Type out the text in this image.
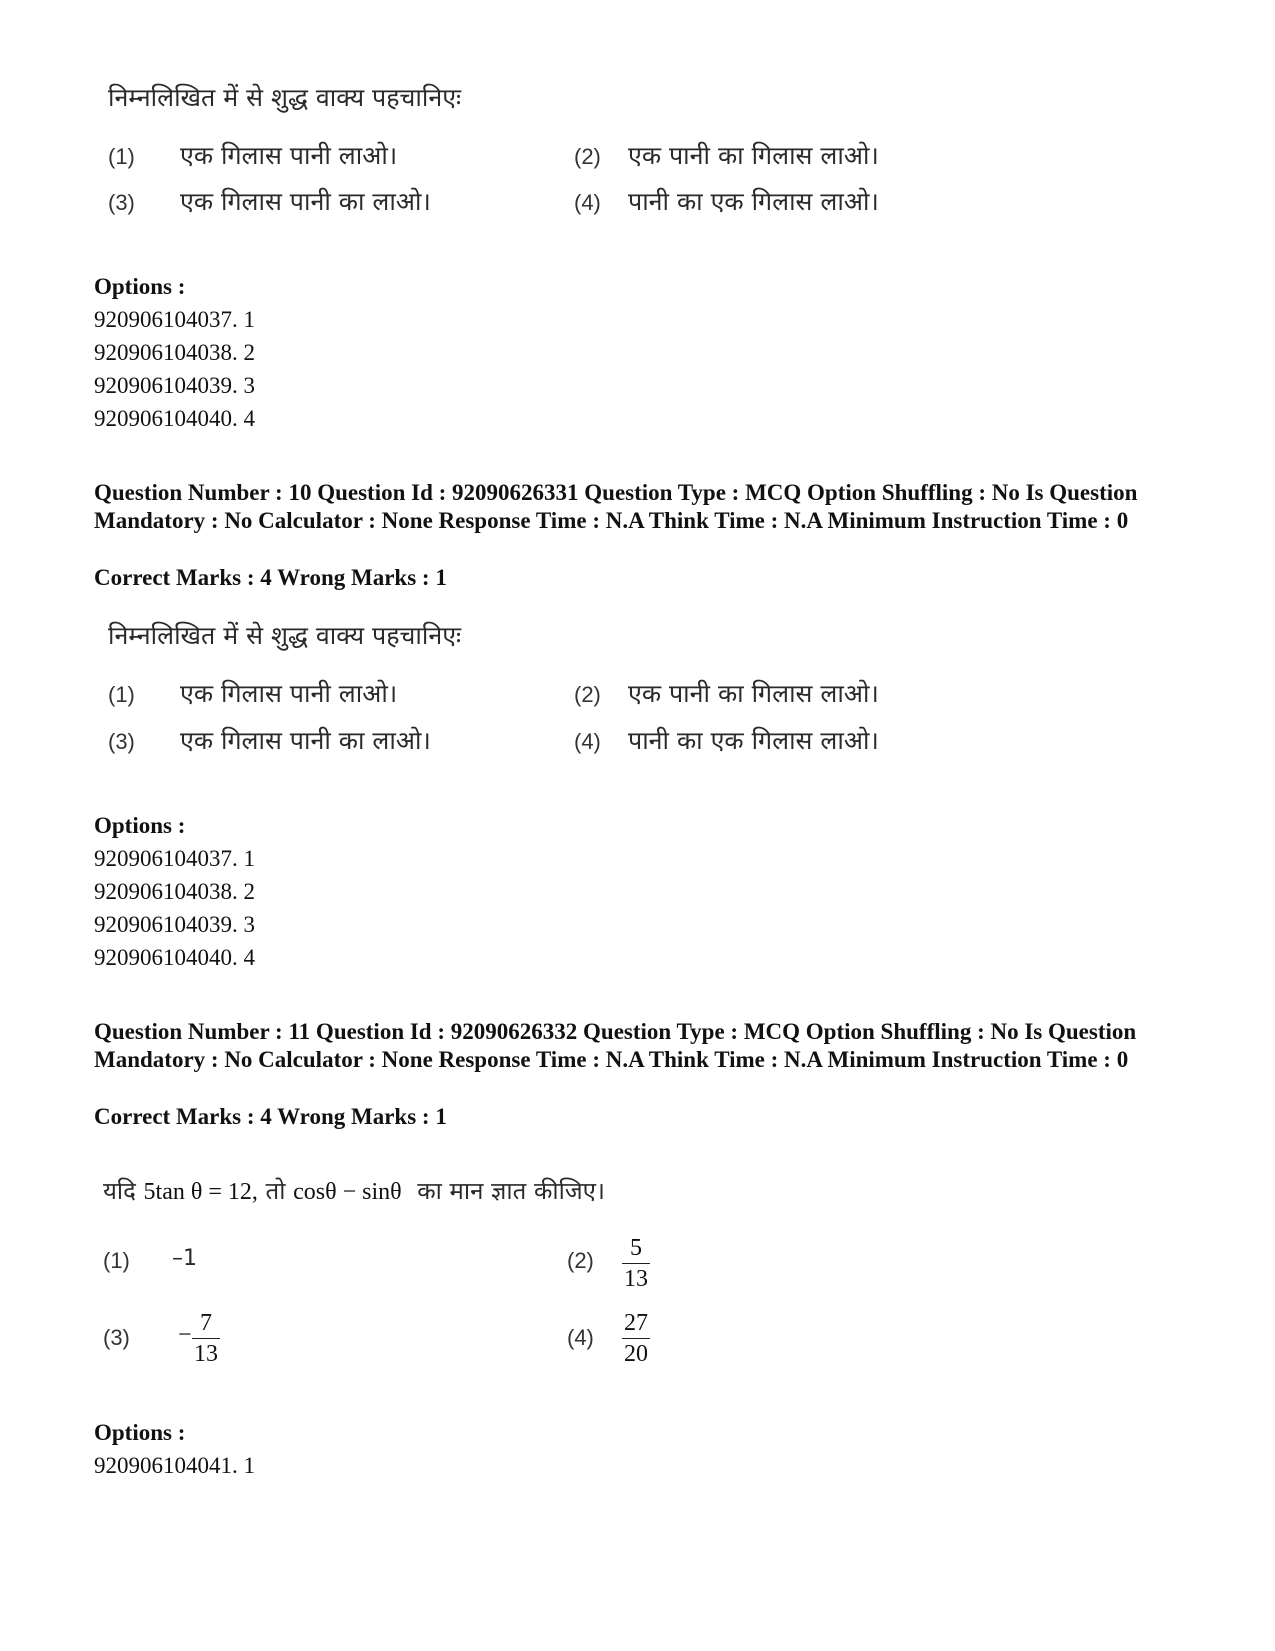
निम्नलिखित में से शुद्ध वाक्य पहचानिएः
(1) एक गिलास पानी लाओ।	(2) एक पानी का गिलास लाओ।
(3) एक गिलास पानी का लाओ।	(4) पानी का एक गिलास लाओ।
Options :
920906104037. 1
920906104038. 2
920906104039. 3
920906104040. 4
Question Number : 10 Question Id : 92090626331 Question Type : MCQ Option Shuffling : No Is Question Mandatory : No Calculator : None Response Time : N.A Think Time : N.A Minimum Instruction Time : 0
Correct Marks : 4 Wrong Marks : 1
निम्नलिखित में से शुद्ध वाक्य पहचानिएः
(1) एक गिलास पानी लाओ।	(2) एक पानी का गिलास लाओ।
(3) एक गिलास पानी का लाओ।	(4) पानी का एक गिलास लाओ।
Options :
920906104037. 1
920906104038. 2
920906104039. 3
920906104040. 4
Question Number : 11 Question Id : 92090626332 Question Type : MCQ Option Shuffling : No Is Question Mandatory : No Calculator : None Response Time : N.A Think Time : N.A Minimum Instruction Time : 0
Correct Marks : 4 Wrong Marks : 1
यदि 5tan θ = 12, तो cosθ − sinθ का मान ज्ञात कीजिए।
(1) –1	(2) 5
13
(3) − 7
13
(4)
27
20
Options :
920906104041. 1
